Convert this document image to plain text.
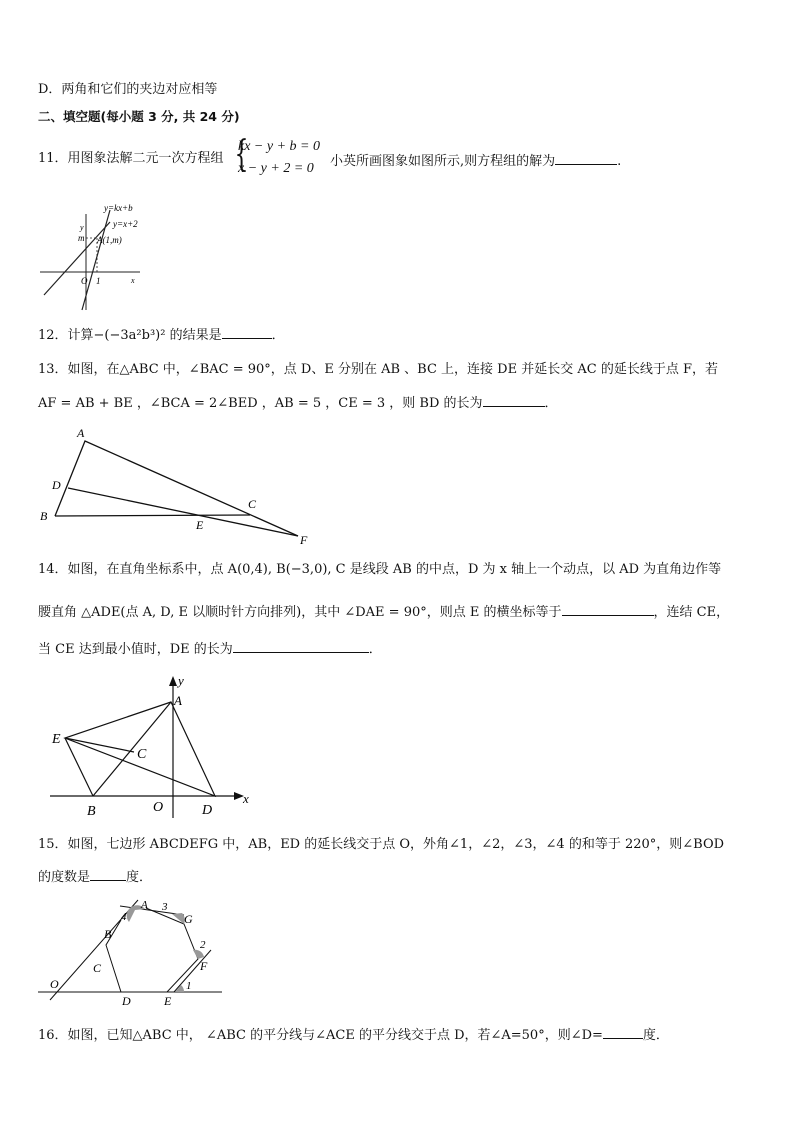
D．两角和它们的夹边对应相等
二、填空题(每小题 3 分, 共 24 分)
11．用图象法解二元一次方程组 {
kx − y + b = 0
x − y + 2 = 0	小英所画图象如图所示,则方程组的解为	.
y=kx+b
y=x+2
y
m A(1,m)
O 1	x
12．计算−(−3a²b³)² 的结果是	．
13．如图，在△ABC 中，∠BAC = 90°，点 D、E 分别在 AB 、BC 上，连接 DE 并延长交 AC 的延长线于点 F，若
AF = AB + BE ，∠BCA = 2∠BED ，AB = 5 ，CE = 3 ，则 BD 的长为	．
A
D
B
E
C
F
14．如图，在直角坐标系中，点 A(0,4), B(−3,0), C 是线段 AB 的中点，D 为 x 轴上一个动点，以 AD 为直角边作等
腰直角 △ADE(点 A, D, E 以顺时针方向排列)，其中 ∠DAE = 90°，则点 E 的横坐标等于	，连结 CE，
当 CE 达到最小值时，DE 的长为	．
y
A
E
C
B	O	D
x
15．如图，七边形 ABCDEFG 中，AB，ED 的延长线交于点 O，外角∠1，∠2，∠3，∠4 的和等于 220°，则∠BOD
的度数是	度．
A
G
B
C
O
D	E
F
1
2
3
4
16．如图，已知△ABC 中， ∠ABC 的平分线与∠ACE 的平分线交于点 D，若∠A=50°，则∠D=	度．
